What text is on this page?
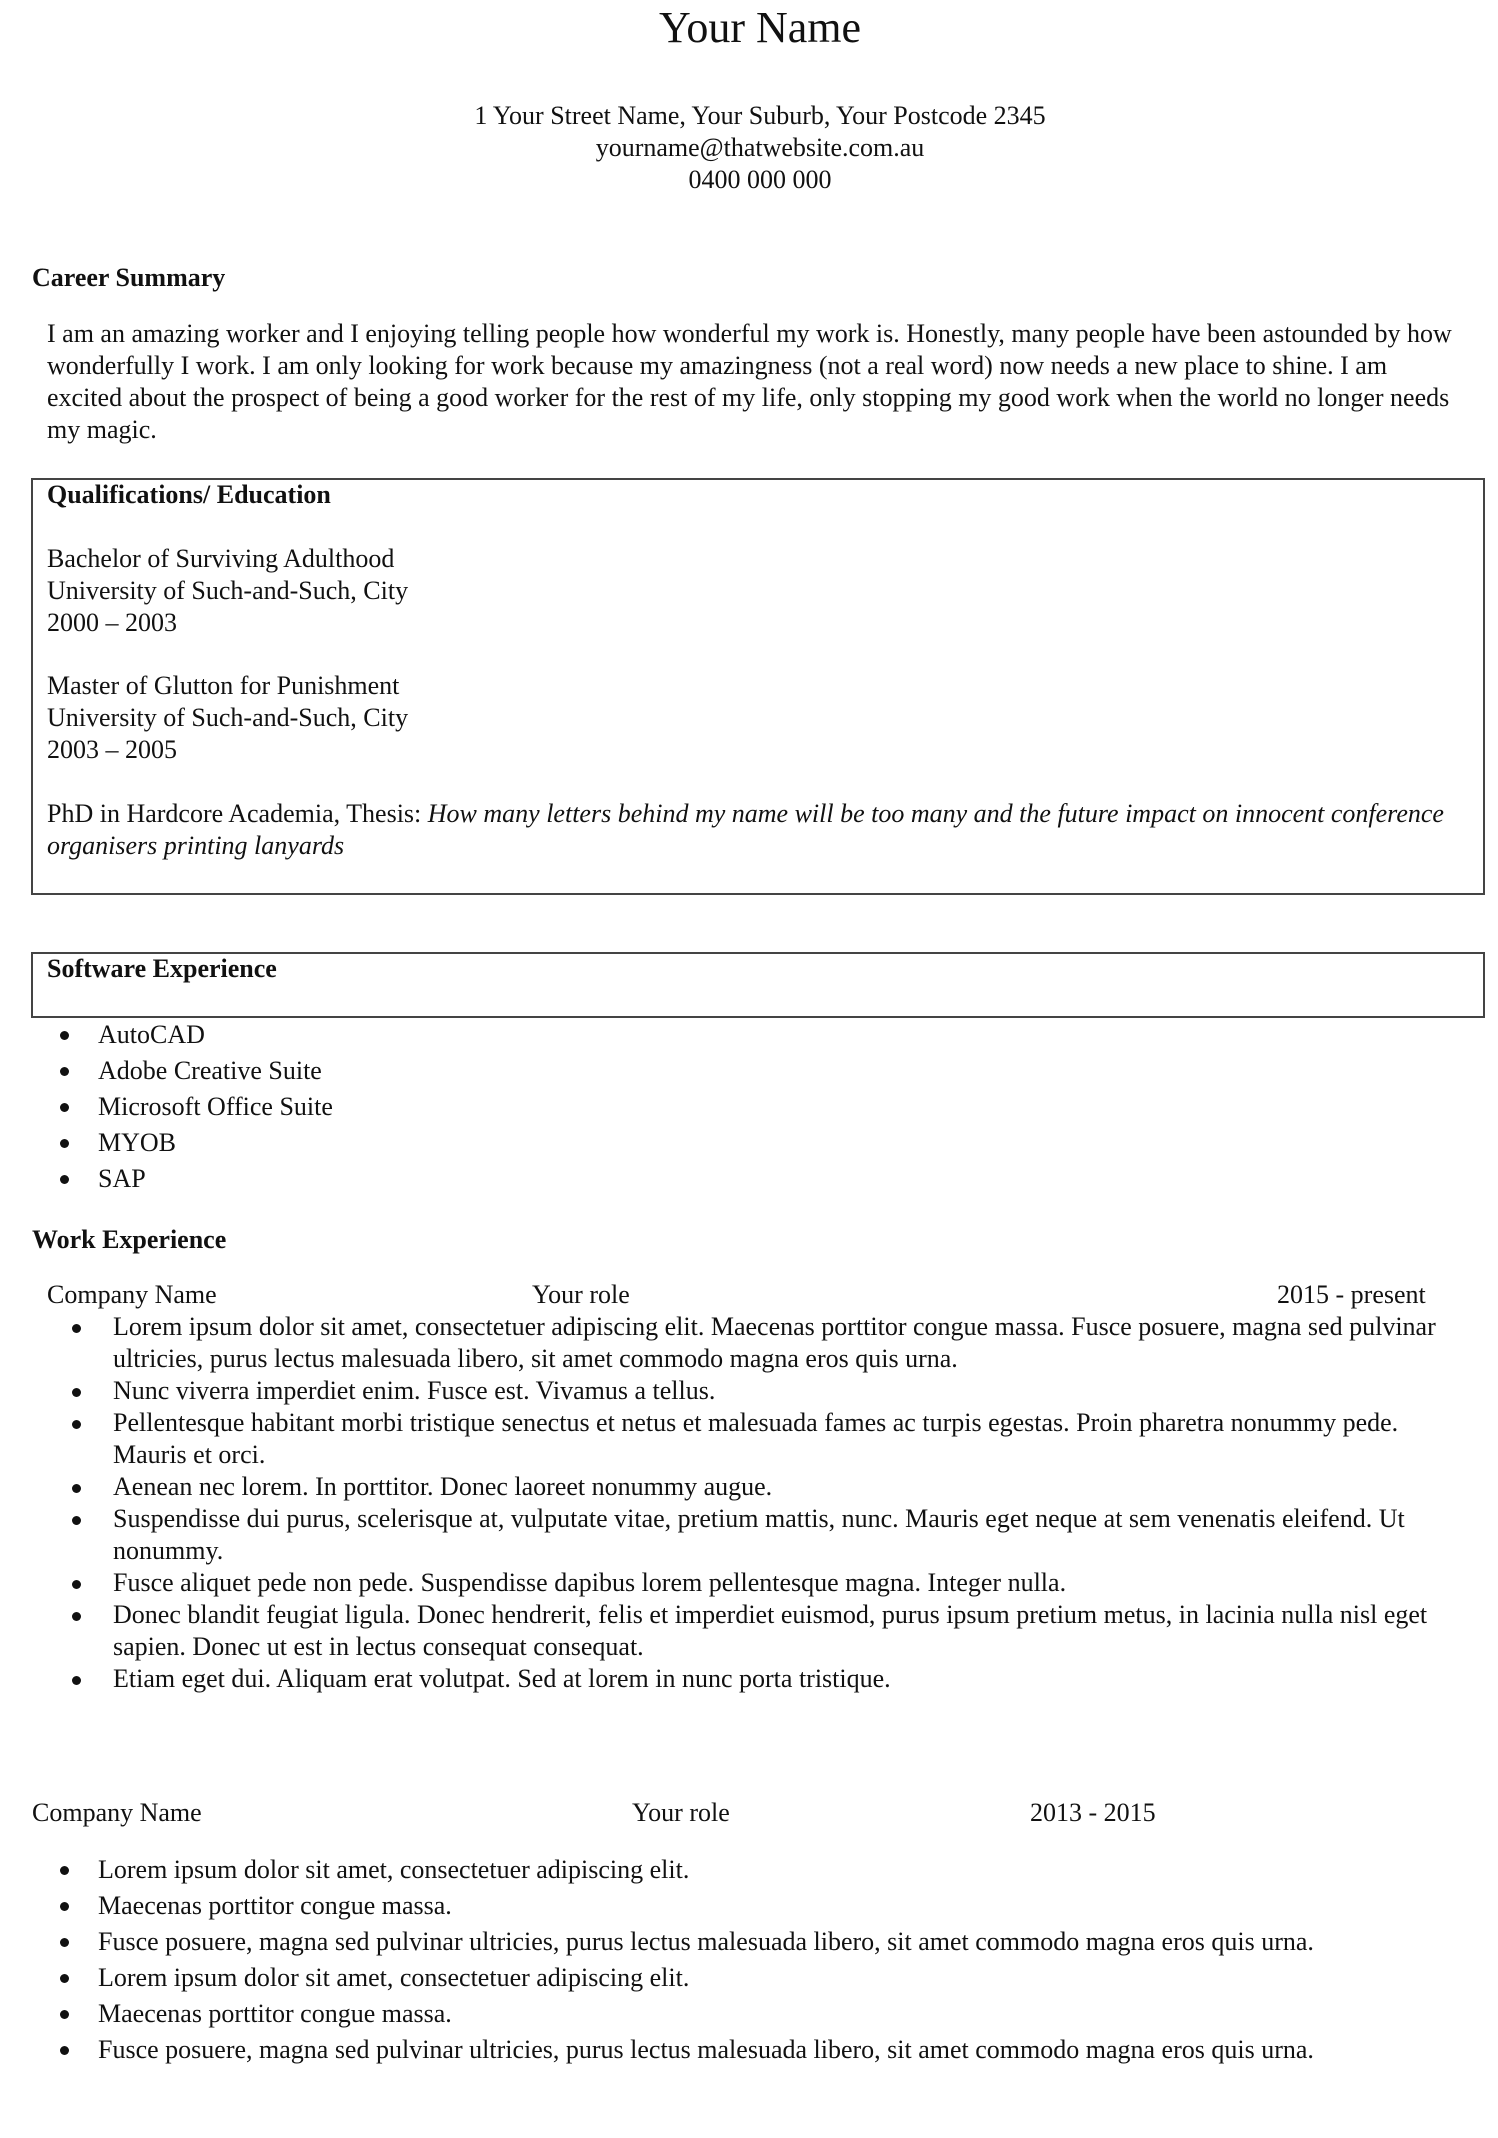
Your Name
1 Your Street Name, Your Suburb, Your Postcode 2345
yourname@thatwebsite.com.au
0400 000 000
Career Summary
I am an amazing worker and I enjoying telling people how wonderful my work is. Honestly, many people have been astounded by how wonderfully I work. I am only looking for work because my amazingness (not a real word) now needs a new place to shine. I am excited about the prospect of being a good worker for the rest of my life, only stopping my good work when the world no longer needs my magic.
Qualifications/ Education
Bachelor of Surviving Adulthood
University of Such-and-Such, City
2000 – 2003
Master of Glutton for Punishment
University of Such-and-Such, City
2003 – 2005
PhD in Hardcore Academia, Thesis: How many letters behind my name will be too many and the future impact on innocent conference organisers printing lanyards
Software Experience
AutoCAD
Adobe Creative Suite
Microsoft Office Suite
MYOB
SAP
Work Experience
Company Name	Your role	2015 - present
Lorem ipsum dolor sit amet, consectetuer adipiscing elit. Maecenas porttitor congue massa. Fusce posuere, magna sed pulvinar ultricies, purus lectus malesuada libero, sit amet commodo magna eros quis urna.
Nunc viverra imperdiet enim. Fusce est. Vivamus a tellus.
Pellentesque habitant morbi tristique senectus et netus et malesuada fames ac turpis egestas. Proin pharetra nonummy pede. Mauris et orci.
Aenean nec lorem. In porttitor. Donec laoreet nonummy augue.
Suspendisse dui purus, scelerisque at, vulputate vitae, pretium mattis, nunc. Mauris eget neque at sem venenatis eleifend. Ut nonummy.
Fusce aliquet pede non pede. Suspendisse dapibus lorem pellentesque magna. Integer nulla.
Donec blandit feugiat ligula. Donec hendrerit, felis et imperdiet euismod, purus ipsum pretium metus, in lacinia nulla nisl eget sapien. Donec ut est in lectus consequat consequat.
Etiam eget dui. Aliquam erat volutpat. Sed at lorem in nunc porta tristique.
Company Name	Your role	2013 - 2015
Lorem ipsum dolor sit amet, consectetuer adipiscing elit.
Maecenas porttitor congue massa.
Fusce posuere, magna sed pulvinar ultricies, purus lectus malesuada libero, sit amet commodo magna eros quis urna.
Lorem ipsum dolor sit amet, consectetuer adipiscing elit.
Maecenas porttitor congue massa.
Fusce posuere, magna sed pulvinar ultricies, purus lectus malesuada libero, sit amet commodo magna eros quis urna.
